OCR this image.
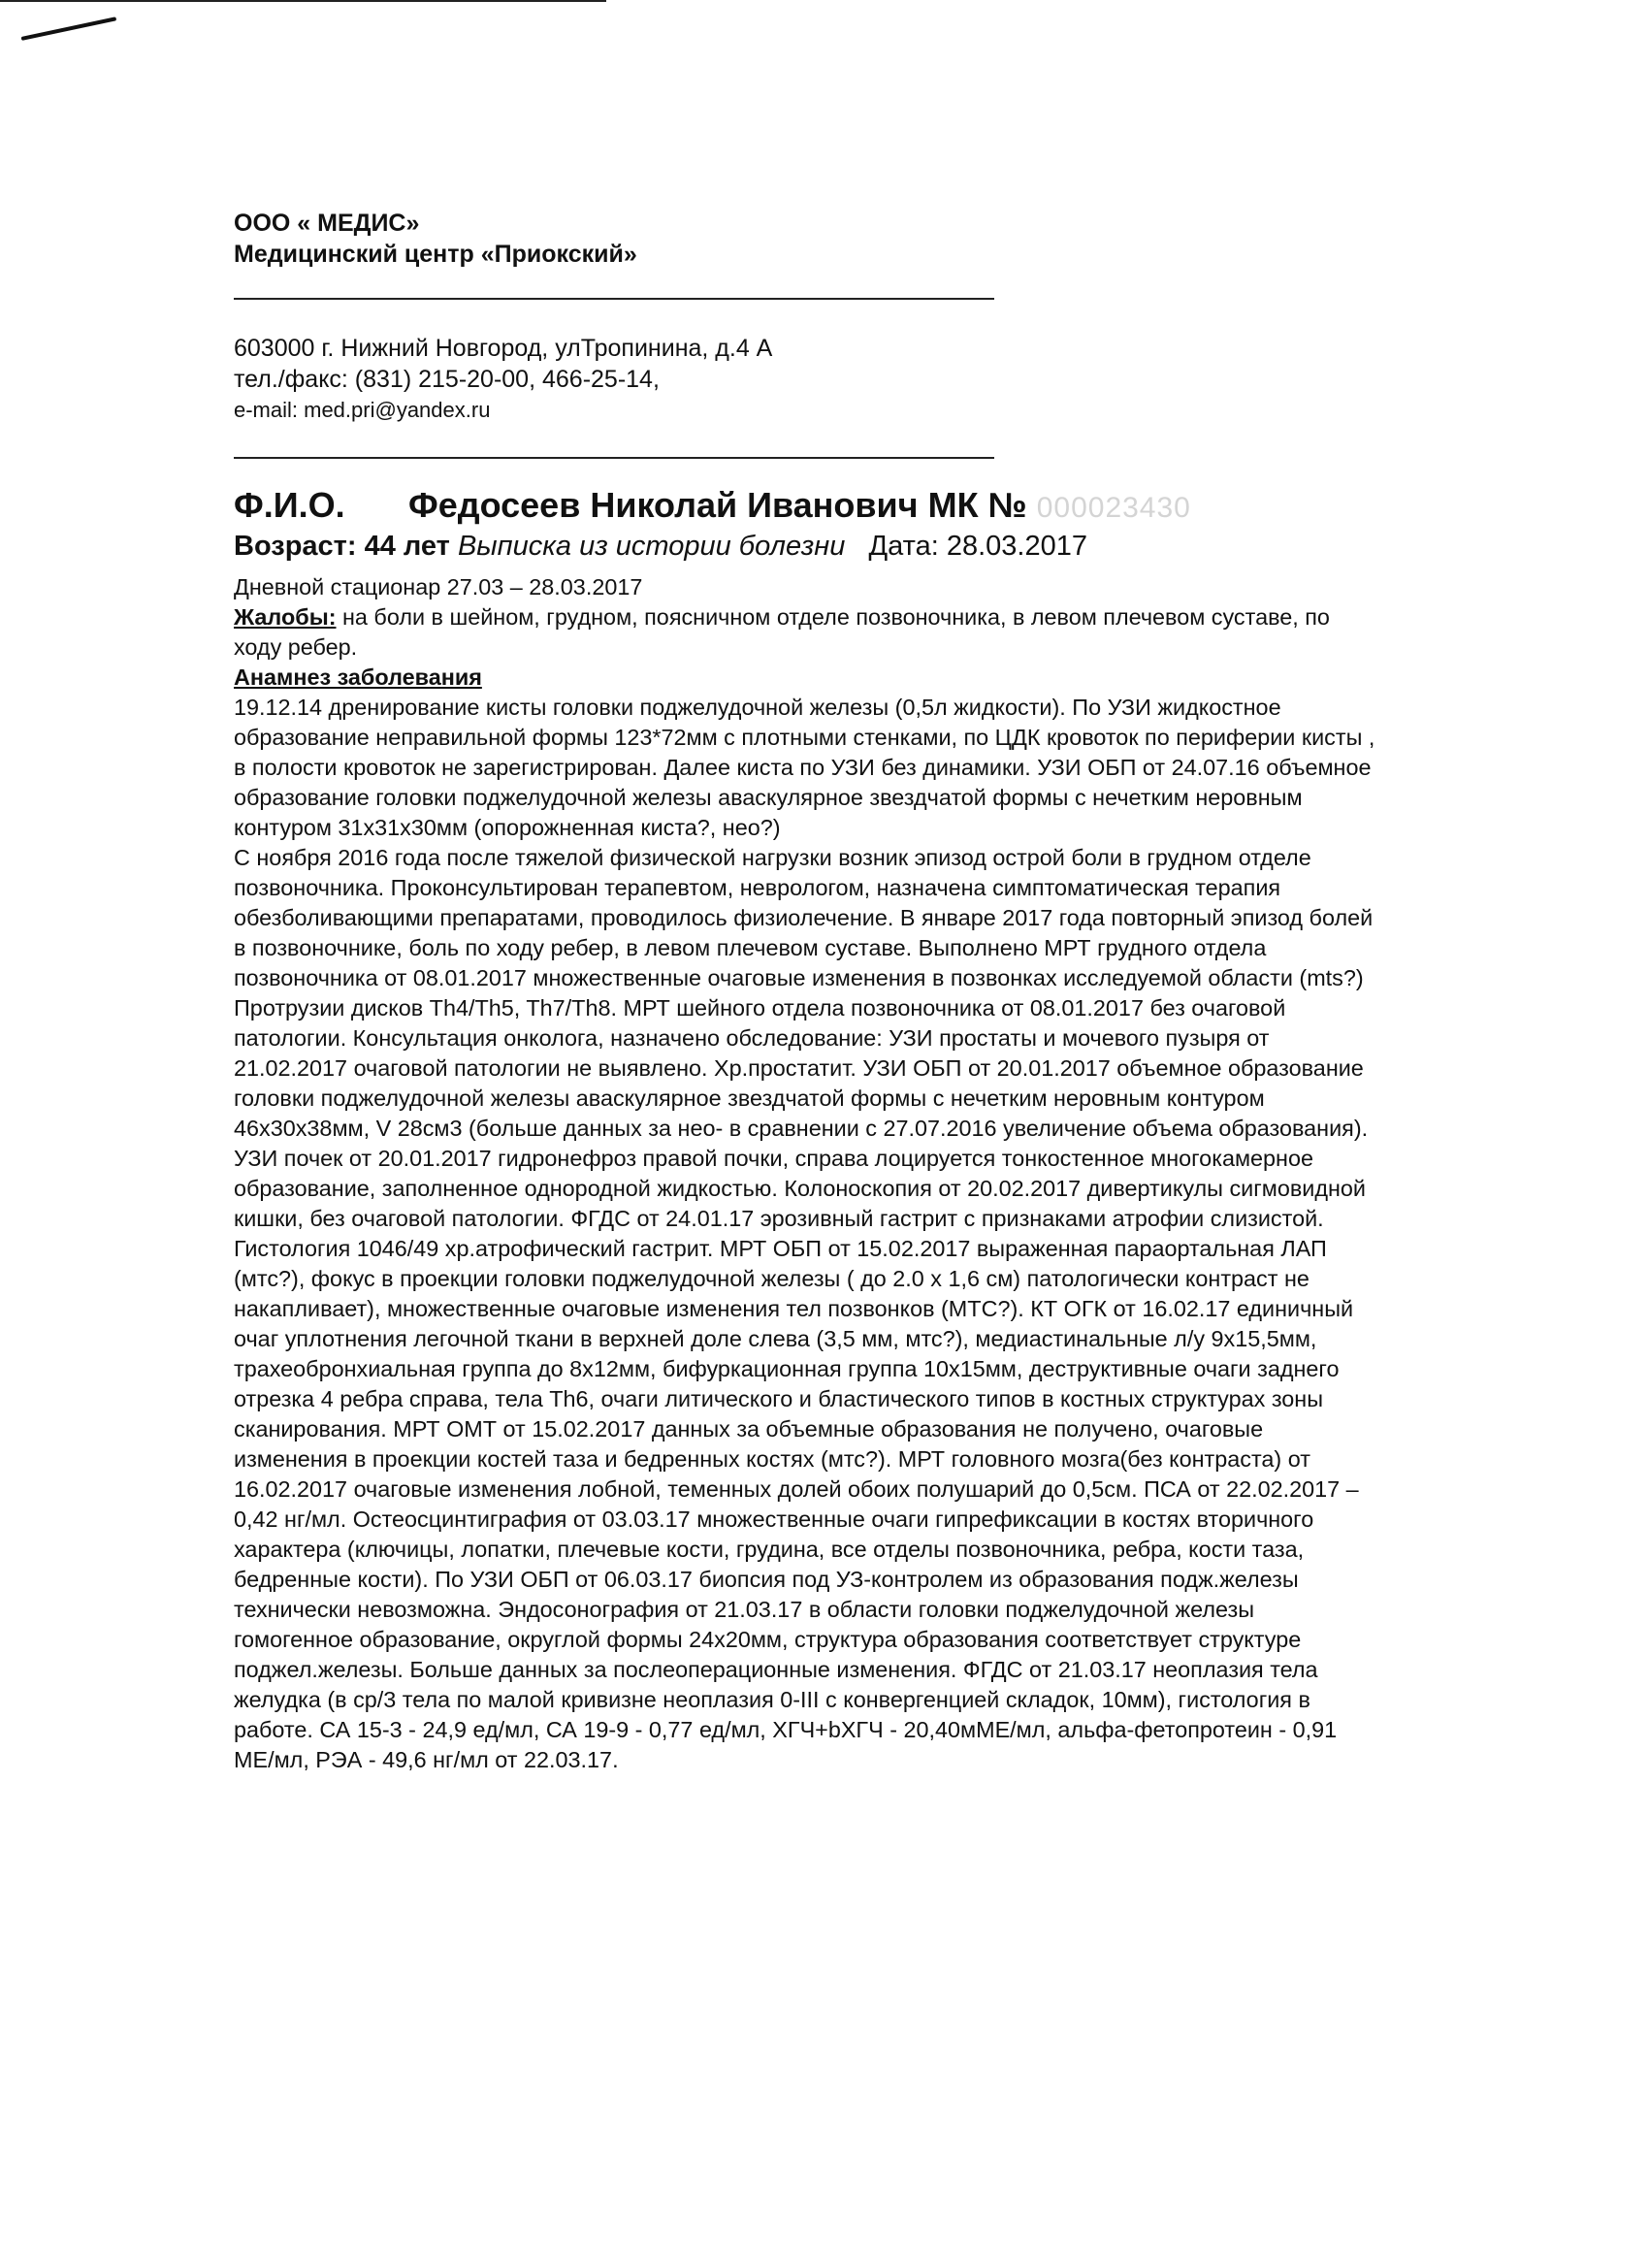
ООО « МЕДИС»
Медицинский центр «Приокский»
603000 г. Нижний Новгород, улТропинина, д.4 А
тел./факс: (831) 215-20-00, 466-25-14,
e-mail: med.pri@yandex.ru
Ф.И.О. Федосеев Николай Иванович МК № 000023430
Возраст: 44 лет Выписка из истории болезни Дата: 28.03.2017

Дневной стационар 27.03 – 28.03.2017

Жалобы: на боли в шейном, грудном, поясничном отделе позвоночника, в левом плечевом суставе, по ходу ребер.

Анамнез заболевания

19.12.14 дренирование кисты головки поджелудочной железы (0,5л жидкости). По УЗИ жидкостное образование неправильной формы 123*72мм с плотными стенками, по ЦДК кровоток по периферии кисты , в полости кровоток не зарегистрирован. Далее киста по УЗИ без динамики. УЗИ ОБП от 24.07.16 объемное образование головки поджелудочной железы аваскулярное звездчатой формы с нечетким неровным контуром 31х31х30мм (опорожненная киста?, нео?)

С ноября 2016 года после тяжелой физической нагрузки возник эпизод острой боли в грудном отделе позвоночника. Проконсультирован терапевтом, неврологом, назначена симптоматическая терапия обезболивающими препаратами, проводилось физиолечение. В январе 2017 года повторный эпизод болей в позвоночнике, боль по ходу ребер, в левом плечевом суставе. Выполнено МРТ грудного отдела позвоночника от 08.01.2017 множественные очаговые изменения в позвонках исследуемой области (mts?) Протрузии дисков Th4/Th5, Th7/Th8. МРТ шейного отдела позвоночника от 08.01.2017 без очаговой патологии. Консультация онколога, назначено обследование: УЗИ простаты и мочевого пузыря от 21.02.2017 очаговой патологии не выявлено. Хр.простатит. УЗИ ОБП от 20.01.2017 объемное образование головки поджелудочной железы аваскулярное звездчатой формы с нечетким неровным контуром 46х30х38мм, V 28см3 (больше данных за нео- в сравнении с 27.07.2016 увеличение объема образования). УЗИ почек от 20.01.2017 гидронефроз правой почки, справа лоцируется тонкостенное многокамерное образование, заполненное однородной жидкостью. Колоноскопия от 20.02.2017 дивертикулы сигмовидной кишки, без очаговой патологии. ФГДС от 24.01.17 эрозивный гастрит с признаками атрофии слизистой. Гистология 1046/49 хр.атрофический гастрит. МРТ ОБП от 15.02.2017 выраженная параортальная ЛАП (мтс?), фокус в проекции головки поджелудочной железы ( до 2.0 х 1,6 см) патологически контраст не накапливает), множественные очаговые изменения тел позвонков (МТС?). КТ ОГК от 16.02.17 единичный очаг уплотнения легочной ткани в верхней доле слева (3,5 мм, мтс?), медиастинальные л/у 9х15,5мм, трахеобронхиальная группа до 8х12мм, бифуркационная группа 10х15мм, деструктивные очаги заднего отрезка 4 ребра справа, тела Th6, очаги литического и бластического типов в костных структурах зоны сканирования. МРТ ОМТ от 15.02.2017 данных за объемные образования не получено, очаговые изменения в проекции костей таза и бедренных костях (мтс?). МРТ головного мозга(без контраста) от 16.02.2017 очаговые изменения лобной, теменных долей обоих полушарий до 0,5см. ПСА от 22.02.2017 – 0,42 нг/мл. Остеосцинтиграфия от 03.03.17 множественные очаги гипрефиксации в костях вторичного характера (ключицы, лопатки, плечевые кости, грудина, все отделы позвоночника, ребра, кости таза, бедренные кости). По УЗИ ОБП от 06.03.17 биопсия под УЗ-контролем из образования подж.железы технически невозможна. Эндосонография от 21.03.17 в области головки поджелудочной железы гомогенное образование, округлой формы 24х20мм, структура образования соответствует структуре поджел.железы. Больше данных за послеоперационные изменения. ФГДС от 21.03.17 неоплазия тела желудка (в ср/3 тела по малой кривизне неоплазия 0-III с конвергенцией складок, 10мм), гистология в работе. СА 15-3 - 24,9 ед/мл, СА 19-9 - 0,77 ед/мл, ХГЧ+bХГЧ - 20,40мМЕ/мл, альфа-фетопротеин - 0,91 МЕ/мл, РЭА - 49,6 нг/мл от 22.03.17.
